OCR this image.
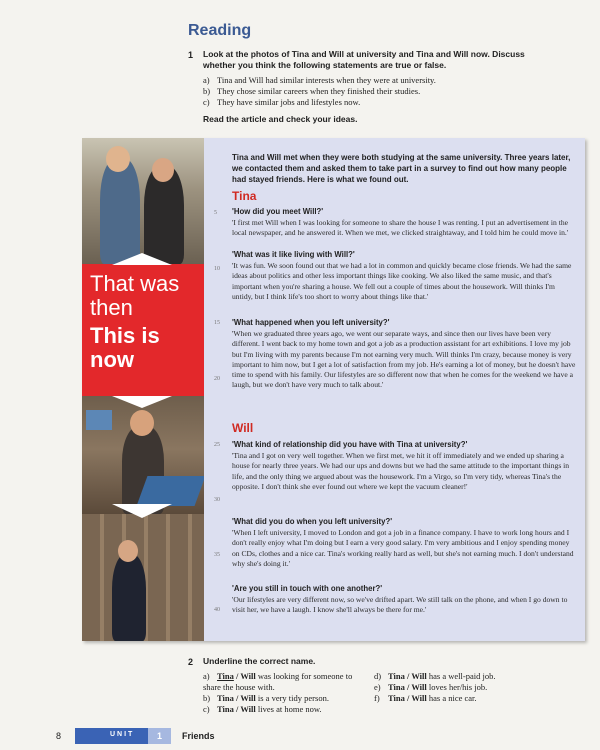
Reading
1 Look at the photos of Tina and Will at university and Tina and Will now. Discuss whether you think the following statements are true or false.
a) Tina and Will had similar interests when they were at university.
b) They chose similar careers when they finished their studies.
c) They have similar jobs and lifestyles now.
Read the article and check your ideas.
That was then
This is now
Tina and Will met when they were both studying at the same university. Three years later, we contacted them and asked them to take part in a survey to find out how many people had stayed friends. Here is what we found out.
Tina
'How did you meet Will?'
'I first met Will when I was looking for someone to share the house I was renting. I put an advertisement in the local newspaper, and he answered it. When we met, we clicked straightaway, and I told him he could move in.'
'What was it like living with Will?'
'It was fun. We soon found out that we had a lot in common and quickly became close friends. We had the same ideas about politics and other less important things like cooking. We also liked the same music, and that's important when you're sharing a house. We fell out a couple of times about the housework. Will thinks I'm untidy, but I think life's too short to worry about things like that.'
'What happened when you left university?'
'When we graduated three years ago, we went our separate ways, and since then our lives have been very different. I went back to my home town and got a job as a production assistant for art exhibitions. I love my job but I'm living with my parents because I'm not earning very much. Will thinks I'm crazy, because money is very important to him now, but I get a lot of satisfaction from my job. He's earning a lot of money, but he doesn't have time to spend with his family. Our lifestyles are so different now that when he comes for the weekend we have a laugh, but we don't have very much to talk about.'
Will
'What kind of relationship did you have with Tina at university?'
'Tina and I got on very well together. When we first met, we hit it off immediately and we ended up sharing a house for nearly three years. We had our ups and downs but we had the same attitude to the important things in life, and the only thing we argued about was the housework. I'm a Virgo, so I'm very tidy, whereas Tina's the opposite. I don't think she ever found out where we kept the vacuum cleaner!'
'What did you do when you left university?'
'When I left university, I moved to London and got a job in a finance company. I have to work long hours and I don't really enjoy what I'm doing but I earn a very good salary. I'm very ambitious and I enjoy spending money on CDs, clothes and a nice car. Tina's working really hard as well, but she's not earning much. I don't understand why she's doing it.'
'Are you still in touch with one another?'
'Our lifestyles are very different now, so we've drifted apart. We still talk on the phone, and when I go down to visit her, we have a laugh. I know she'll always be there for me.'
5
10
15
20
25
30
35
40
2 Underline the correct name.
a) Tina / Will was looking for someone to share the house with.
b) Tina / Will is a very tidy person.
c) Tina / Will lives at home now.
d) Tina / Will has a well-paid job.
e) Tina / Will loves her/his job.
f) Tina / Will has a nice car.
8	UNIT	1	Friends
